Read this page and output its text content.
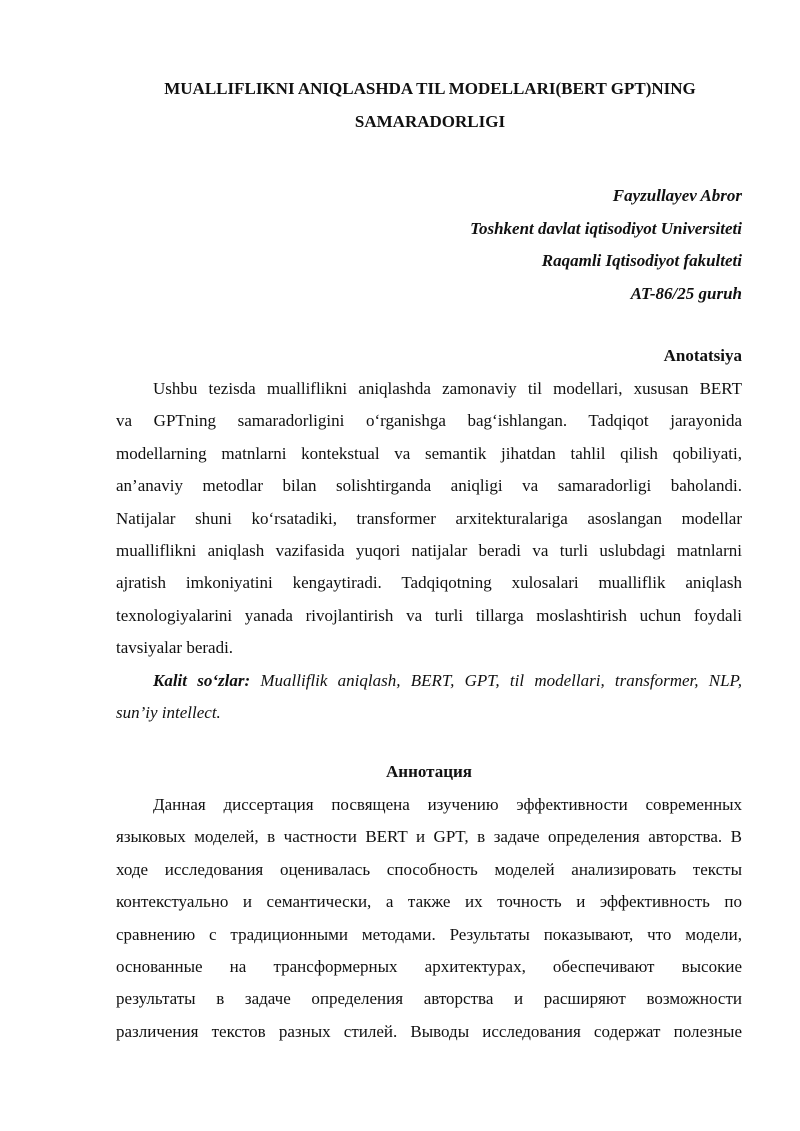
MUALLIFLIKNI ANIQLASHDA TIL MODELLARI(BERT GPT)NING
SAMARADORLIGI
Fayzullayev Abror
Toshkent davlat iqtisodiyot Universiteti
Raqamli Iqtisodiyot fakulteti
AT-86/25 guruh
Anotatsiya
Ushbu tezisda mualliflikni aniqlashda zamonaviy til modellari, xususan BERT
va GPTning samaradorligini o‘rganishga bag‘ishlangan. Tadqiqot jarayonida
modellarning matnlarni kontekstual va semantik jihatdan tahlil qilish qobiliyati,
an’anaviy metodlar bilan solishtirganda aniqligi va samaradorligi baholandi.
Natijalar shuni ko‘rsatadiki, transformer arxitekturalariga asoslangan modellar
mualliflikni aniqlash vazifasida yuqori natijalar beradi va turli uslubdagi matnlarni
ajratish imkoniyatini kengaytiradi. Tadqiqotning xulosalari mualliflik aniqlash
texnologiyalarini yanada rivojlantirish va turli tillarga moslashtirish uchun foydali
tavsiyalar beradi.
Kalit so‘zlar: Mualliflik aniqlash, BERT, GPT, til modellari, transformer, NLP,
sun’iy intellect.
Аннотация
Данная диссертация посвящена изучению эффективности современных
языковых моделей, в частности BERT и GPT, в задаче определения авторства. В
ходе исследования оценивалась способность моделей анализировать тексты
контекстуально и семантически, а также их точность и эффективность по
сравнению с традиционными методами. Результаты показывают, что модели,
основанные на трансформерных архитектурах, обеспечивают высокие
результаты в задаче определения авторства и расширяют возможности
различения текстов разных стилей. Выводы исследования содержат полезные
